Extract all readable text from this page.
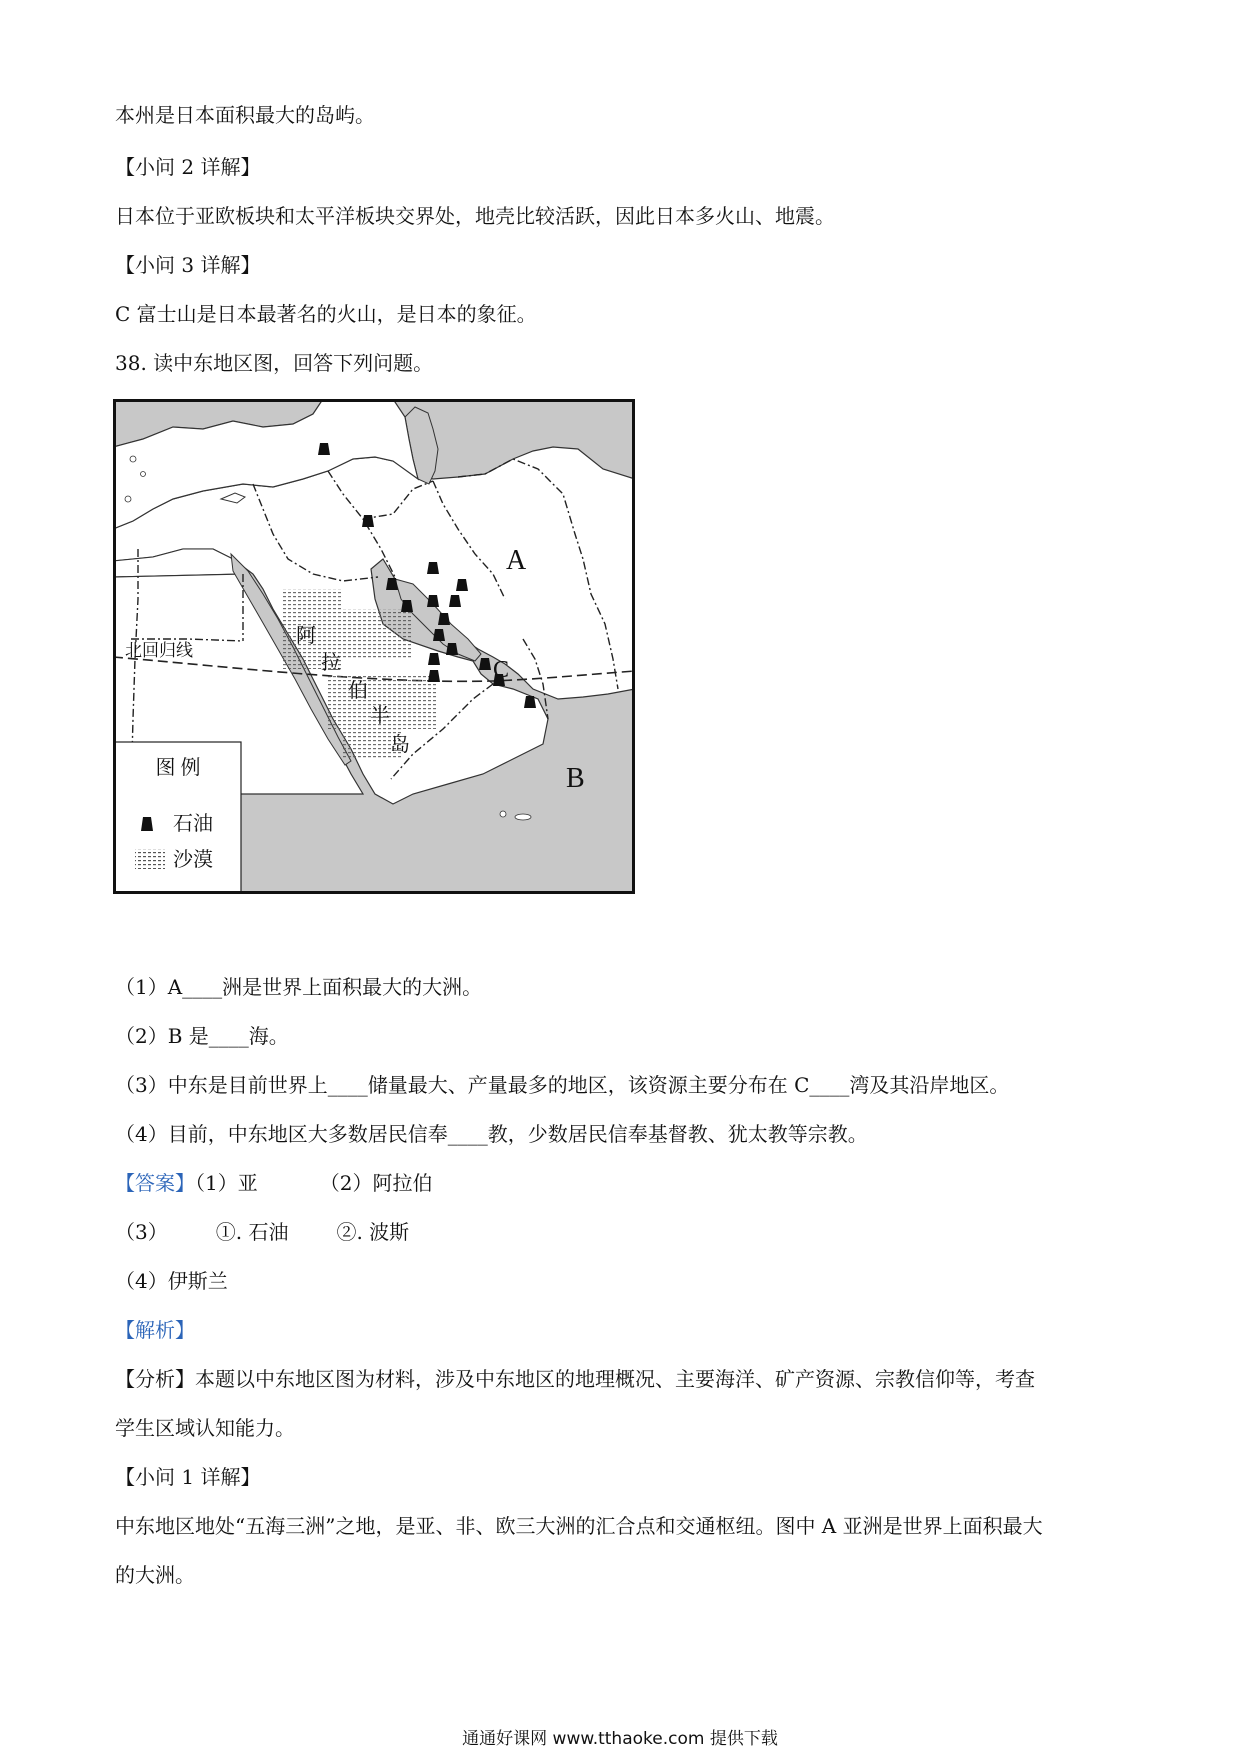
本州是日本面积最大的岛屿。
【小问 2 详解】
日本位于亚欧板块和太平洋板块交界处，地壳比较活跃，因此日本多火山、地震。
【小问 3 详解】
C 富士山是日本最著名的火山，是日本的象征。
38. 读中东地区图，回答下列问题。
北回归线
阿
拉
伯
半
岛
A
C
B
图 例
石油
沙漠
（1）A____洲是世界上面积最大的大洲。
（2）B 是____海。
（3）中东是目前世界上____储量最大、产量最多的地区，该资源主要分布在 C____湾及其沿岸地区。
（4）目前，中东地区大多数居民信奉____教，少数居民信奉基督教、犹太教等宗教。
【答案】（1）亚	（2）阿拉伯
（3） ①. 石油 ②. 波斯
（4）伊斯兰
【解析】
【分析】本题以中东地区图为材料，涉及中东地区的地理概况、主要海洋、矿产资源、宗教信仰等，考查
学生区域认知能力。
【小问 1 详解】
中东地区地处“五海三洲”之地，是亚、非、欧三大洲的汇合点和交通枢纽。图中 A 亚洲是世界上面积最大
的大洲。
通通好课网 www.tthaoke.com 提供下载
